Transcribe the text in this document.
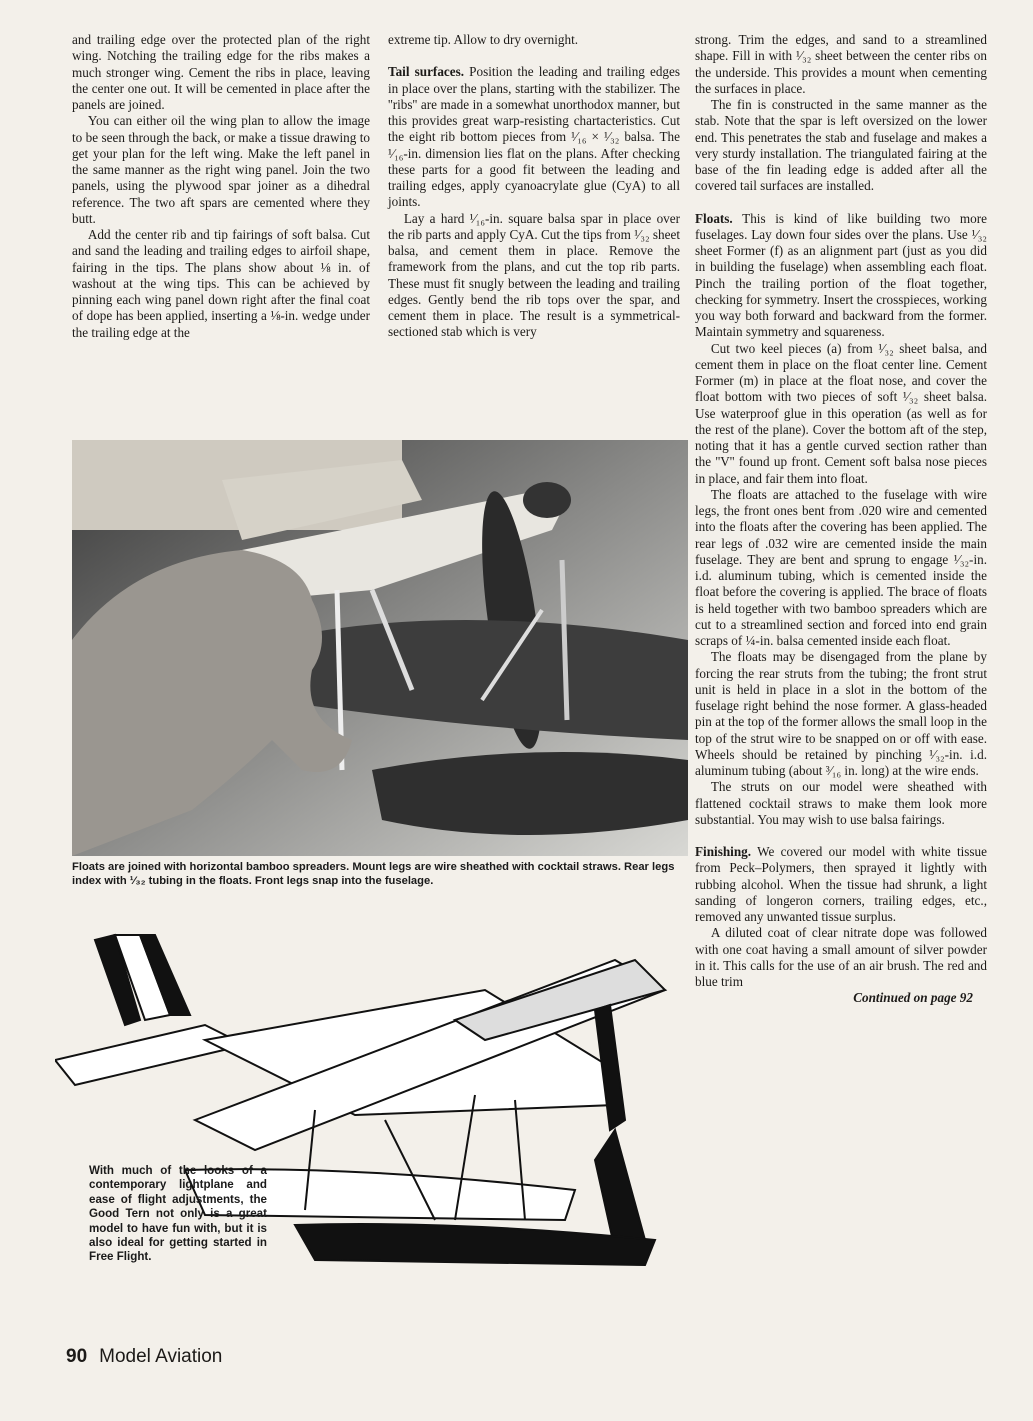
and trailing edge over the protected plan of the right wing. Notching the trailing edge for the ribs makes a much stronger wing. Cement the ribs in place, leaving the center one out. It will be cemented in place after the panels are joined.

You can either oil the wing plan to allow the image to be seen through the back, or make a tissue drawing to get your plan for the left wing. Make the left panel in the same manner as the right wing panel. Join the two panels, using the plywood spar joiner as a dihedral reference. The two aft spars are cemented where they butt.

Add the center rib and tip fairings of soft balsa. Cut and sand the leading and trailing edges to airfoil shape, fairing in the tips. The plans show about ⅛ in. of washout at the wing tips. This can be achieved by pinning each wing panel down right after the final coat of dope has been applied, inserting a ⅛-in. wedge under the trailing edge at the

extreme tip. Allow to dry overnight.

Tail surfaces. Position the leading and trailing edges in place over the plans, starting with the stabilizer. The ''ribs'' are made in a somewhat unorthodox manner, but this provides great warp-resisting chartacteristics. Cut the eight rib bottom pieces from ¹⁄₁₆ × ¹⁄₃₂ balsa. The ¹⁄₁₆-in. dimension lies flat on the plans. After checking these parts for a good fit between the leading and trailing edges, apply cyanoacrylate glue (CyA) to all joints.

Lay a hard ¹⁄₁₆-in. square balsa spar in place over the rib parts and apply CyA. Cut the tips from ¹⁄₃₂ sheet balsa, and cement them in place. Remove the framework from the plans, and cut the top rib parts. These must fit snugly between the leading and trailing edges. Gently bend the rib tops over the spar, and cement them in place. The result is a symmetrical-sectioned stab which is very

strong. Trim the edges, and sand to a streamlined shape. Fill in with ¹⁄₃₂ sheet between the center ribs on the underside. This provides a mount when cementing the surfaces in place.

The fin is constructed in the same manner as the stab. Note that the spar is left oversized on the lower end. This penetrates the stab and fuselage and makes a very sturdy installation. The triangulated fairing at the base of the fin leading edge is added after all the covered tail surfaces are installed.

Floats. This is kind of like building two more fuselages. Lay down four sides over the plans. Use ¹⁄₃₂ sheet Former (f) as an alignment part (just as you did in building the fuselage) when assembling each float. Pinch the trailing portion of the float together, checking for symmetry. Insert the crosspieces, working you way both forward and backward from the former. Maintain symmetry and squareness.

Cut two keel pieces (a) from ¹⁄₃₂ sheet balsa, and cement them in place on the float center line. Cement Former (m) in place at the float nose, and cover the float bottom with two pieces of soft ¹⁄₃₂ sheet balsa. Use waterproof glue in this operation (as well as for the rest of the plane). Cover the bottom aft of the step, noting that it has a gentle curved section rather than the ''V'' found up front. Cement soft balsa nose pieces in place, and fair them into float.

The floats are attached to the fuselage with wire legs, the front ones bent from .020 wire and cemented into the floats after the covering has been applied. The rear legs of .032 wire are cemented inside the main fuselage. They are bent and sprung to engage ¹⁄₃₂-in. i.d. aluminum tubing, which is cemented inside the float before the covering is applied. The brace of floats is held together with two bamboo spreaders which are cut to a streamlined section and forced into end grain scraps of ¼-in. balsa cemented inside each float.

The floats may be disengaged from the plane by forcing the rear struts from the tubing; the front strut unit is held in place in a slot in the bottom of the fuselage right behind the nose former. A glass-headed pin at the top of the former allows the small loop in the top of the strut wire to be snapped on or off with ease. Wheels should be retained by pinching ¹⁄₃₂-in. i.d. aluminum tubing (about ³⁄₁₆ in. long) at the wire ends.

The struts on our model were sheathed with flattened cocktail straws to make them look more substantial. You may wish to use balsa fairings.

Finishing. We covered our model with white tissue from Peck–Polymers, then sprayed it lightly with rubbing alcohol. When the tissue had shrunk, a light sanding of longeron corners, trailing edges, etc., removed any unwanted tissue surplus.

A diluted coat of clear nitrate dope was followed with one coat having a small amount of silver powder in it. This calls for the use of an air brush. The red and blue trim

Continued on page 92
Floats are joined with horizontal bamboo spreaders. Mount legs are wire sheathed with cocktail straws. Rear legs index with ¹⁄₃₂ tubing in the floats. Front legs snap into the fuselage.
With much of the looks of a contemporary lightplane and ease of flight adjustments, the Good Tern not only is a great model to have fun with, but it is also ideal for getting started in Free Flight.
90 Model Aviation
